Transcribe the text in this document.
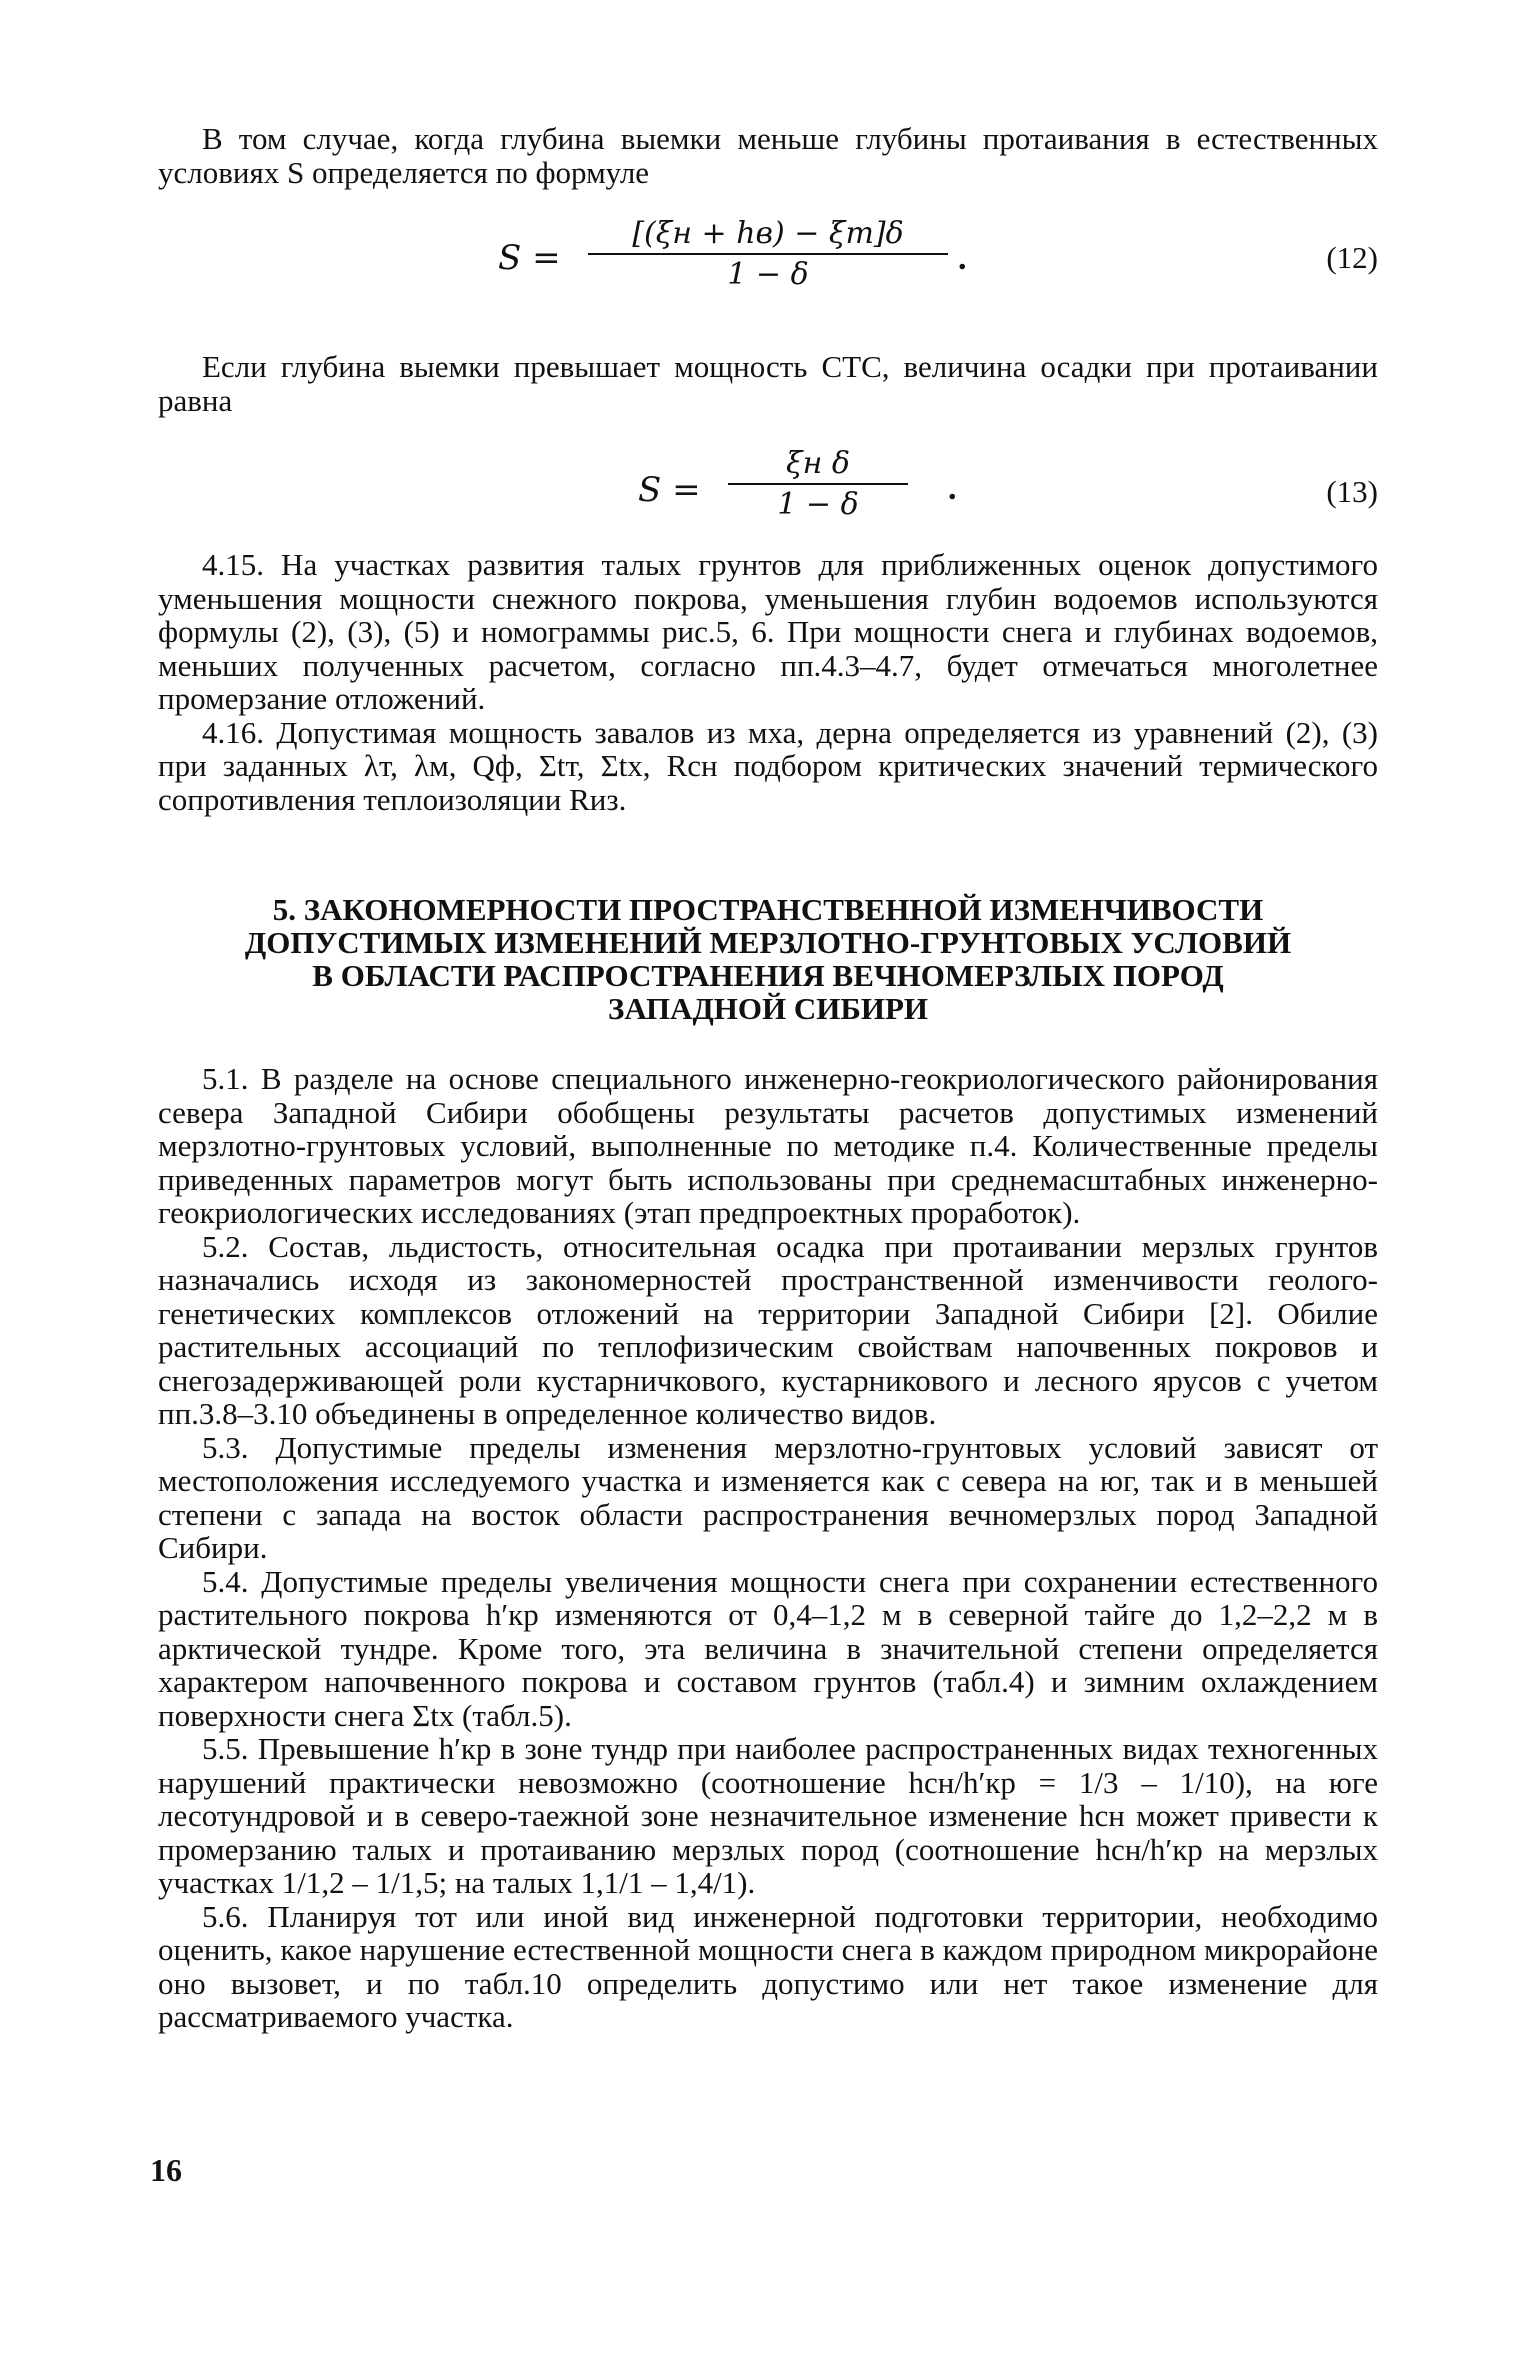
В том случае, когда глубина выемки меньше глубины протаивания в естественных условиях S определяется по формуле

S =
[(ξн + hв) − ξт]δ
1 − δ	.	(12)

Если глубина выемки превышает мощность СТС, величина осадки при протаивании равна

S =
ξн δ
1 − δ	.	(13)

4.15. На участках развития талых грунтов для приближенных оценок допустимого уменьшения мощности снежного покрова, уменьшения глубин водоемов используются формулы (2), (3), (5) и номограммы рис.5, 6. При мощности снега и глубинах водоемов, меньших полученных расчетом, согласно пп.4.3–4.7, будет отмечаться многолетнее промерзание отложений.

4.16. Допустимая мощность завалов из мха, дерна определяется из уравнений (2), (3) при заданных λт, λм, Qф, Σtт, Σtх, Rсн подбором критических значений термического сопротивления теплоизоляции Rиз.

5. ЗАКОНОМЕРНОСТИ ПРОСТРАНСТВЕННОЙ ИЗМЕНЧИВОСТИ
ДОПУСТИМЫХ ИЗМЕНЕНИЙ МЕРЗЛОТНО-ГРУНТОВЫХ УСЛОВИЙ
В ОБЛАСТИ РАСПРОСТРАНЕНИЯ ВЕЧНОМЕРЗЛЫХ ПОРОД
ЗАПАДНОЙ СИБИРИ

5.1. В разделе на основе специального инженерно-геокриологического районирования севера Западной Сибири обобщены результаты расчетов допустимых изменений мерзлотно-грунтовых условий, выполненные по методике п.4. Количественные пределы приведенных параметров могут быть использованы при среднемасштабных инженерно-геокриологических исследованиях (этап предпроектных проработок).

5.2. Состав, льдистость, относительная осадка при протаивании мерзлых грунтов назначались исходя из закономерностей пространственной изменчивости геолого-генетических комплексов отложений на территории Западной Сибири [2]. Обилие растительных ассоциаций по теплофизическим свойствам напочвенных покровов и снегозадерживающей роли кустарничкового, кустарникового и лесного ярусов с учетом пп.3.8–3.10 объединены в определенное количество видов.

5.3. Допустимые пределы изменения мерзлотно-грунтовых условий зависят от местоположения исследуемого участка и изменяется как с севера на юг, так и в меньшей степени с запада на восток области распространения вечномерзлых пород Западной Сибири.

5.4. Допустимые пределы увеличения мощности снега при сохранении естественного растительного покрова h′кр изменяются от 0,4–1,2 м в северной тайге до 1,2–2,2 м в арктической тундре. Кроме того, эта величина в значительной степени определяется характером напочвенного покрова и составом грунтов (табл.4) и зимним охлаждением поверхности снега Σtх (табл.5).

5.5. Превышение h′кр в зоне тундр при наиболее распространенных видах техногенных нарушений практически невозможно (соотношение hсн/h′кр = 1/3 – 1/10), на юге лесотундровой и в северо-таежной зоне незначительное изменение hсн может привести к промерзанию талых и протаиванию мерзлых пород (соотношение hсн/h′кр на мерзлых участках 1/1,2 – 1/1,5; на талых 1,1/1 – 1,4/1).

5.6. Планируя тот или иной вид инженерной подготовки территории, необходимо оценить, какое нарушение естественной мощности снега в каждом природном микрорайоне оно вызовет, и по табл.10 определить допустимо или нет такое изменение для рассматриваемого участка.

16
